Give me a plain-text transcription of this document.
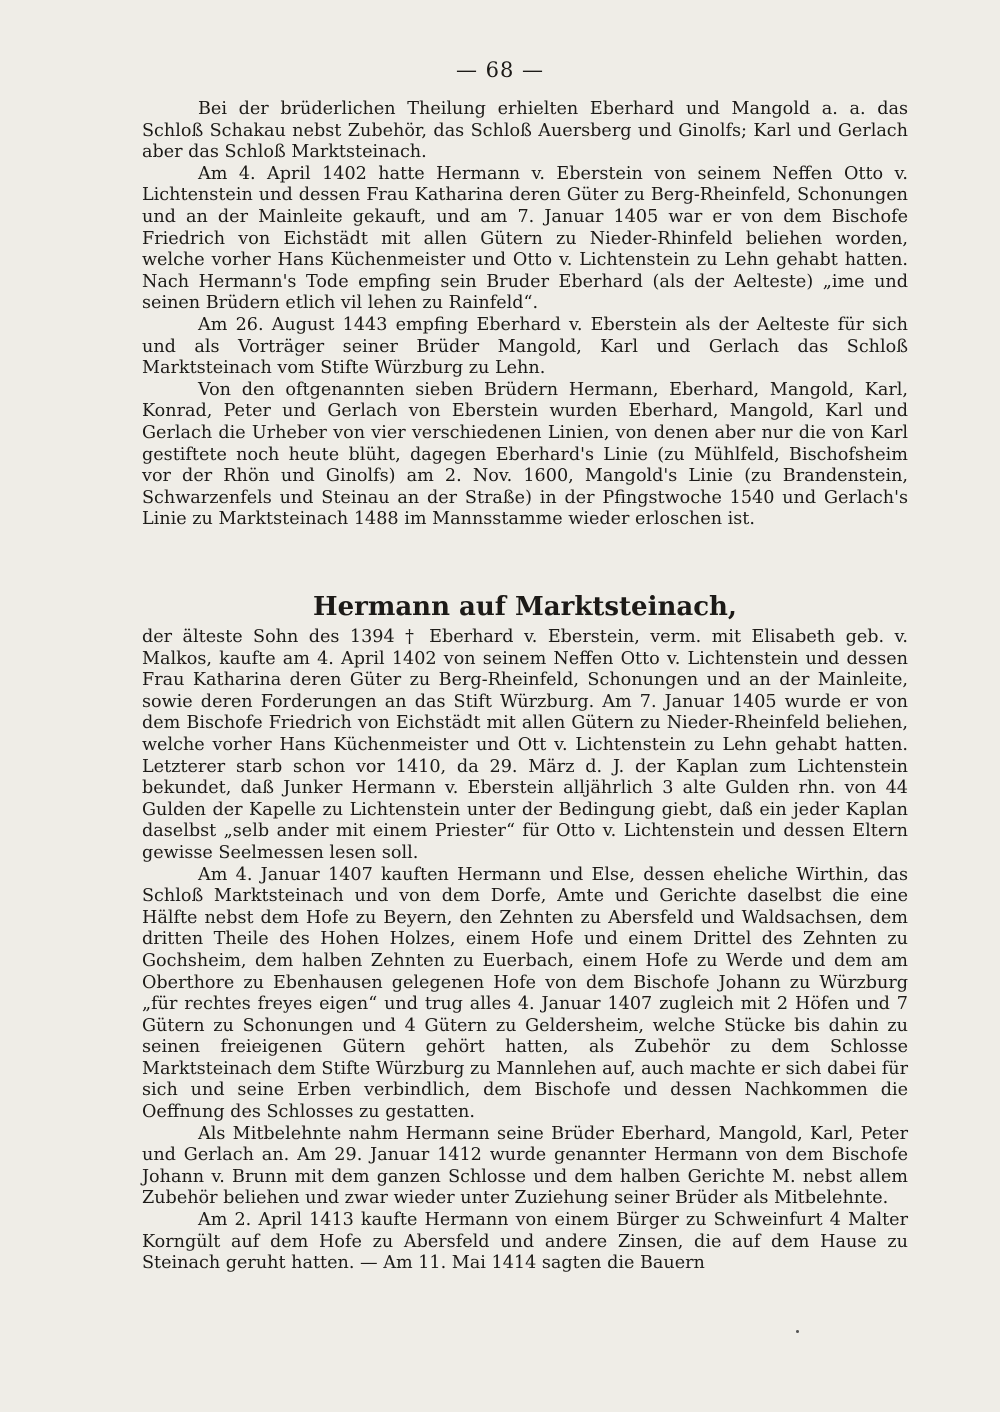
— 68 —

Bei der brüderlichen Theilung erhielten Eberhard und Mangold a. a. das Schloß Schakau nebst Zubehör, das Schloß Auersberg und Ginolfs; Karl und Gerlach aber das Schloß Marktsteinach.

Am 4. April 1402 hatte Hermann v. Eberstein von seinem Neffen Otto v. Lichtenstein und dessen Frau Katharina deren Güter zu Berg-Rheinfeld, Schonungen und an der Mainleite gekauft, und am 7. Januar 1405 war er von dem Bischofe Friedrich von Eichstädt mit allen Gütern zu Nieder-Rhinfeld beliehen worden, welche vorher Hans Küchenmeister und Otto v. Lichtenstein zu Lehn gehabt hatten. Nach Hermann's Tode empfing sein Bruder Eberhard (als der Aelteste) „ime und seinen Brüdern etlich vil lehen zu Rainfeld“.

Am 26. August 1443 empfing Eberhard v. Eberstein als der Aelteste für sich und als Vorträger seiner Brüder Mangold, Karl und Gerlach das Schloß Marktsteinach vom Stifte Würzburg zu Lehn.

Von den oftgenannten sieben Brüdern Hermann, Eberhard, Mangold, Karl, Konrad, Peter und Gerlach von Eberstein wurden Eberhard, Mangold, Karl und Gerlach die Urheber von vier verschiedenen Linien, von denen aber nur die von Karl gestiftete noch heute blüht, dagegen Eberhard's Linie (zu Mühlfeld, Bischofsheim vor der Rhön und Ginolfs) am 2. Nov. 1600, Mangold's Linie (zu Brandenstein, Schwarzenfels und Steinau an der Straße) in der Pfingstwoche 1540 und Gerlach's Linie zu Marktsteinach 1488 im Mannsstamme wieder erloschen ist.

Hermann auf Marktsteinach,

der älteste Sohn des 1394 † Eberhard v. Eberstein, verm. mit Elisabeth geb. v. Malkos, kaufte am 4. April 1402 von seinem Neffen Otto v. Lichtenstein und dessen Frau Katharina deren Güter zu Berg-Rheinfeld, Schonungen und an der Mainleite, sowie deren Forderungen an das Stift Würzburg. Am 7. Januar 1405 wurde er von dem Bischofe Friedrich von Eichstädt mit allen Gütern zu Nieder-Rheinfeld beliehen, welche vorher Hans Küchenmeister und Ott v. Lichtenstein zu Lehn gehabt hatten. Letzterer starb schon vor 1410, da 29. März d. J. der Kaplan zum Lichtenstein bekundet, daß Junker Hermann v. Eberstein alljährlich 3 alte Gulden rhn. von 44 Gulden der Kapelle zu Lichtenstein unter der Bedingung giebt, daß ein jeder Kaplan daselbst „selb ander mit einem Priester“ für Otto v. Lichtenstein und dessen Eltern gewisse Seelmessen lesen soll.

Am 4. Januar 1407 kauften Hermann und Else, dessen eheliche Wirthin, das Schloß Marktsteinach und von dem Dorfe, Amte und Gerichte daselbst die eine Hälfte nebst dem Hofe zu Beyern, den Zehnten zu Abersfeld und Waldsachsen, dem dritten Theile des Hohen Holzes, einem Hofe und einem Drittel des Zehnten zu Gochsheim, dem halben Zehnten zu Euerbach, einem Hofe zu Werde und dem am Oberthore zu Ebenhausen gelegenen Hofe von dem Bischofe Johann zu Würzburg „für rechtes freyes eigen“ und trug alles 4. Januar 1407 zugleich mit 2 Höfen und 7 Gütern zu Schonungen und 4 Gütern zu Geldersheim, welche Stücke bis dahin zu seinen freieigenen Gütern gehört hatten, als Zubehör zu dem Schlosse Marktsteinach dem Stifte Würzburg zu Mannlehen auf, auch machte er sich dabei für sich und seine Erben verbindlich, dem Bischofe und dessen Nachkommen die Oeffnung des Schlosses zu gestatten.

Als Mitbelehnte nahm Hermann seine Brüder Eberhard, Mangold, Karl, Peter und Gerlach an. Am 29. Januar 1412 wurde genannter Hermann von dem Bischofe Johann v. Brunn mit dem ganzen Schlosse und dem halben Gerichte M. nebst allem Zubehör beliehen und zwar wieder unter Zuziehung seiner Brüder als Mitbelehnte.

Am 2. April 1413 kaufte Hermann von einem Bürger zu Schweinfurt 4 Malter Korngült auf dem Hofe zu Abersfeld und andere Zinsen, die auf dem Hause zu Steinach geruht hatten. — Am 11. Mai 1414 sagten die Bauern
